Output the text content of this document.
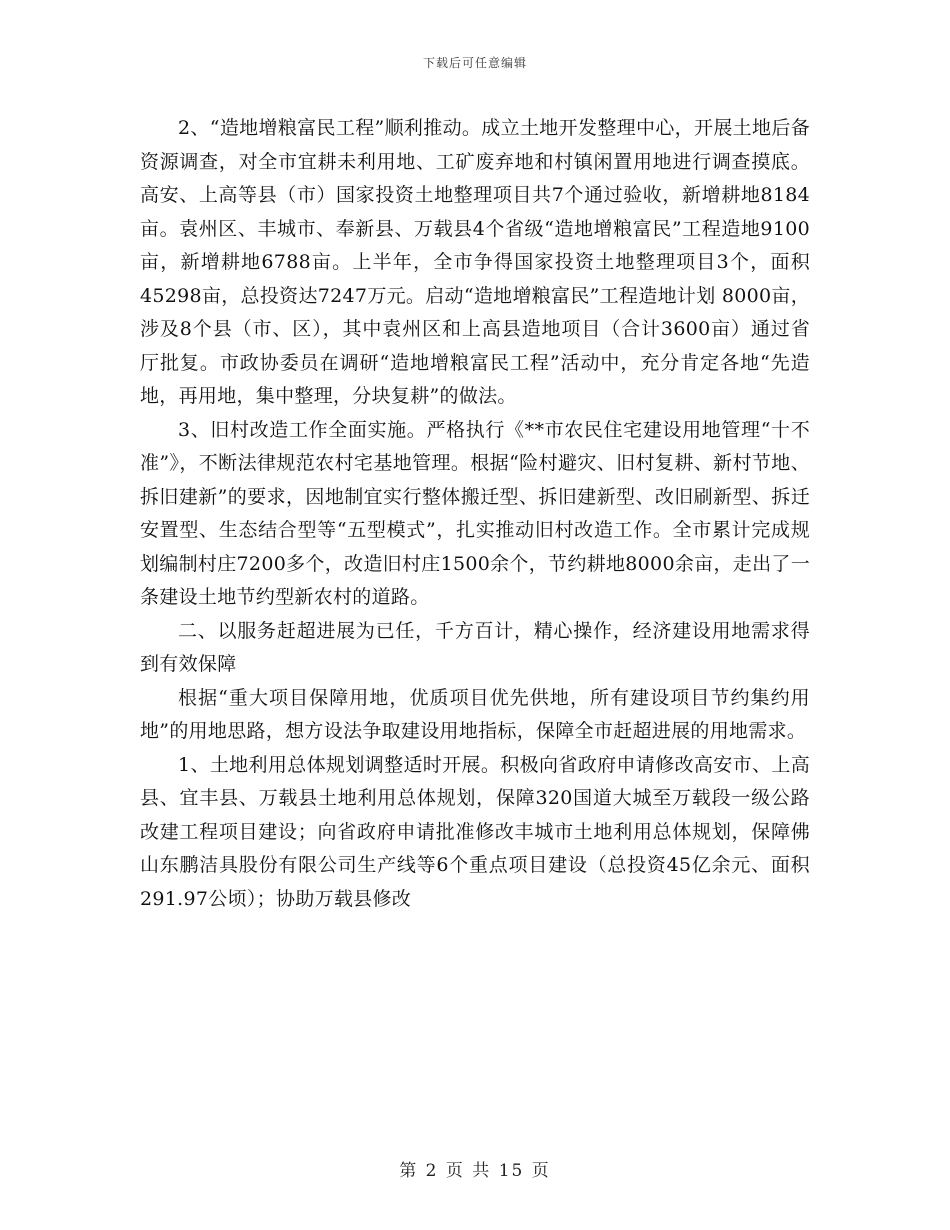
下载后可任意编辑

2、“造地增粮富民工程”顺利推动。成立土地开发整理中心，开展土地后备资源调查，对全市宜耕未利用地、工矿废弃地和村镇闲置用地进行调查摸底。高安、上高等县（市）国家投资土地整理项目共7个通过验收，新增耕地8184亩。袁州区、丰城市、奉新县、万载县4个省级“造地增粮富民”工程造地9100亩，新增耕地6788亩。上半年，全市争得国家投资土地整理项目3个，面积45298亩，总投资达7247万元。启动“造地增粮富民”工程造地计划 8000亩，涉及8个县（市、区），其中袁州区和上高县造地项目（合计3600亩）通过省厅批复。市政协委员在调研“造地增粮富民工程”活动中，充分肯定各地“先造地，再用地，集中整理，分块复耕”的做法。

3、旧村改造工作全面实施。严格执行《**市农民住宅建设用地管理“十不准”》，不断法律规范农村宅基地管理。根据“险村避灾、旧村复耕、新村节地、拆旧建新”的要求，因地制宜实行整体搬迁型、拆旧建新型、改旧刷新型、拆迁安置型、生态结合型等“五型模式”，扎实推动旧村改造工作。全市累计完成规划编制村庄7200多个，改造旧村庄1500余个，节约耕地8000余亩，走出了一条建设土地节约型新农村的道路。

二、以服务赶超进展为已任，千方百计，精心操作，经济建设用地需求得到有效保障

根据“重大项目保障用地，优质项目优先供地，所有建设项目节约集约用地”的用地思路，想方设法争取建设用地指标，保障全市赶超进展的用地需求。

1、土地利用总体规划调整适时开展。积极向省政府申请修改高安市、上高县、宜丰县、万载县土地利用总体规划，保障320国道大城至万载段一级公路改建工程项目建设；向省政府申请批准修改丰城市土地利用总体规划，保障佛山东鹏洁具股份有限公司生产线等6个重点项目建设（总投资45亿余元、面积291.97公顷）；协助万载县修改

第 2 页 共 15 页
